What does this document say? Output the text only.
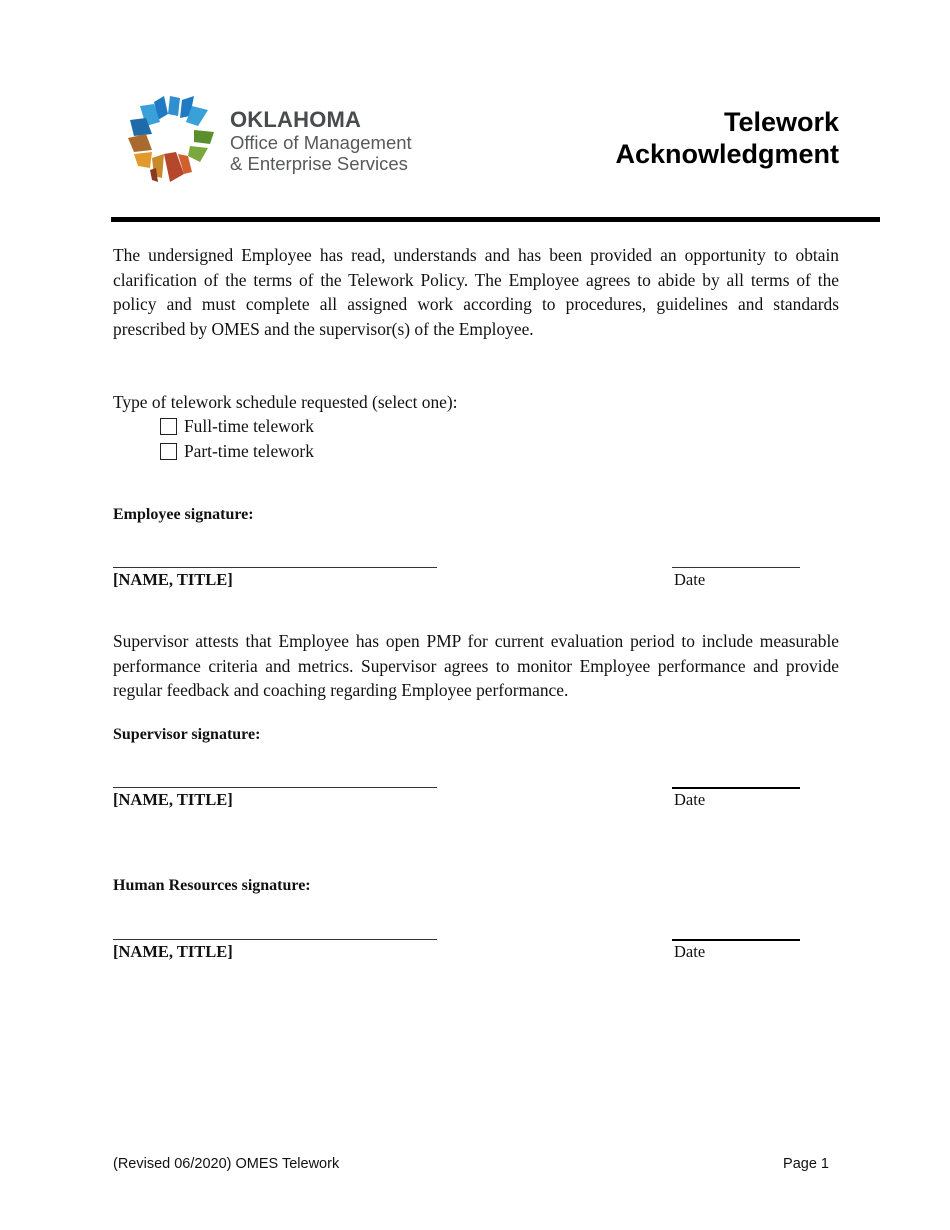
OKLAHOMA
Office of Management
& Enterprise Services
Telework
Acknowledgment

The undersigned Employee has read, understands and has been provided an opportunity to obtain clarification of the terms of the Telework Policy. The Employee agrees to abide by all terms of the policy and must complete all assigned work according to procedures, guidelines and standards prescribed by OMES and the supervisor(s) of the Employee.

Type of telework schedule requested (select one):
Full-time telework
Part-time telework
Employee signature:
[NAME, TITLE]	Date

Supervisor attests that Employee has open PMP for current evaluation period to include measurable performance criteria and metrics. Supervisor agrees to monitor Employee performance and provide regular feedback and coaching regarding Employee performance.

Supervisor signature:
[NAME, TITLE]	Date
Human Resources signature:
[NAME, TITLE]	Date
(Revised 06/2020) OMES Telework	Page 1
